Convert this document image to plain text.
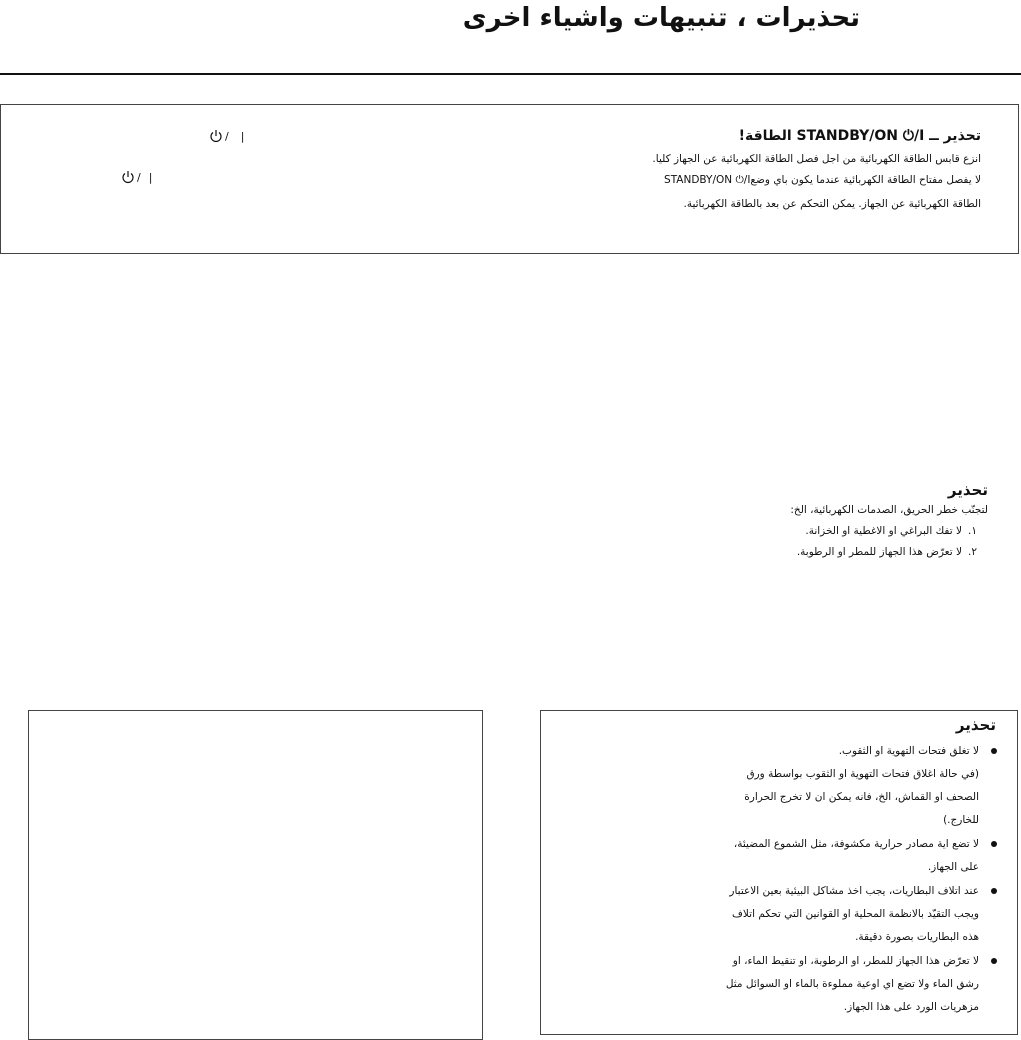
تحذيرات ، تنبيهات واشياء اخرى
تحذير ــ STANDBY/ON ⏻/I الطاقة!
انزع قابس الطاقة الكهربائية من اجل فصل الطاقة الكهربائية عن الجهاز كليا.
لا يفصل مفتاح الطاقة الكهربائية عندما يكون باي وضعSTANDBY/ON ⏻/I
الطاقة الكهربائية عن الجهاز. يمكن التحكم عن بعد بالطاقة الكهربائية.
/ |
/ |
تحذير
لتجنّب خطر الحريق، الصدمات الكهربائية، الخ:
١.
لا تفك البراغي او الاغطية او الخزانة.
٢.
لا تعرّض هذا الجهاز للمطر او الرطوبة.
تحذير
لا تغلق فتحات التهوية او الثقوب.
(في حالة اغلاق فتحات التهوية او الثقوب بواسطة ورق
الصحف او القماش، الخ، فانه يمكن ان لا تخرج الحرارة
للخارج.)
لا تضع اية مصادر حرارية مكشوفة، مثل الشموع المضيئة،
على الجهاز.
عند اتلاف البطاريات، يجب اخذ مشاكل البيئية بعين الاعتبار
ويجب التقيّد بالانظمة المحلية او القوانين التي تحكم اتلاف
هذه البطاريات بصورة دقيقة.
لا تعرّض هذا الجهاز للمطر، او الرطوبة، او تنقيط الماء، او
رشق الماء ولا تضع اي اوعية مملوءة بالماء او السوائل مثل
مزهريات الورد على هذا الجهاز.
